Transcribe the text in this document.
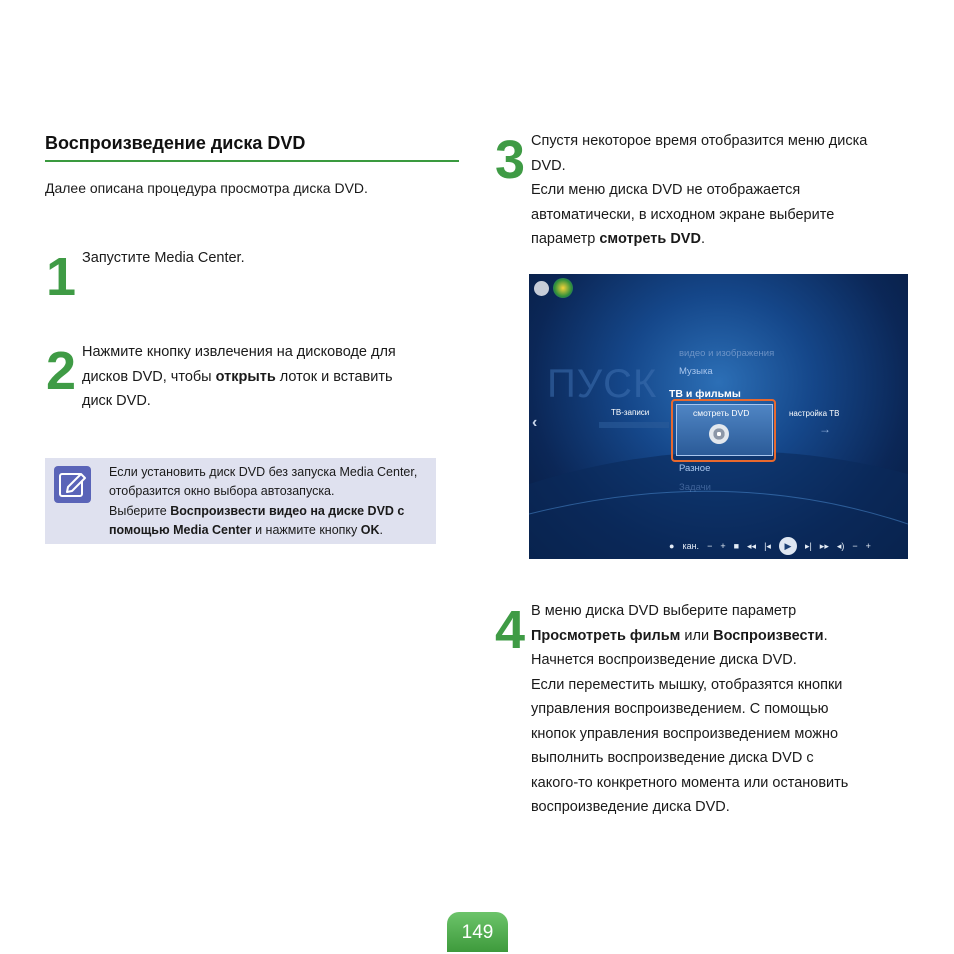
Воспроизведение диска DVD
Далее описана процедура просмотра диска DVD.
1 Запустите Media Center.
2 Нажмите кнопку извлечения на дисководе для
дисков DVD, чтобы открыть лоток и вставить
диск DVD.

Если установить диск DVD без запуска Media Center, отобразится окно выбора автозапуска.

Выберите Воспроизвести видео на диске DVD с помощью Media Center и нажмите кнопку OK.

3 Спустя некоторое время отобразится меню диска
DVD.
Если меню диска DVD не отображается
автоматически, в исходном экране выберите
параметр смотреть DVD.
ПУСК
видео и изображения
Музыка
ТВ и фильмы
‹
ТВ-записи	смотреть DVD	настройка ТВ
→
Разное
Задачи
● кан. − + ■ ◂◂ |◂	▶	▸| ▸▸ ◂) − +
4 В меню диска DVD выберите параметр
Просмотреть фильм или Воспроизвести.
Начнется воспроизведение диска DVD.
Если переместить мышку, отобразятся кнопки
управления воспроизведением. С помощью
кнопок управления воспроизведением можно
выполнить воспроизведение диска DVD с
какого-то конкретного момента или остановить
воспроизведение диска DVD.
149
